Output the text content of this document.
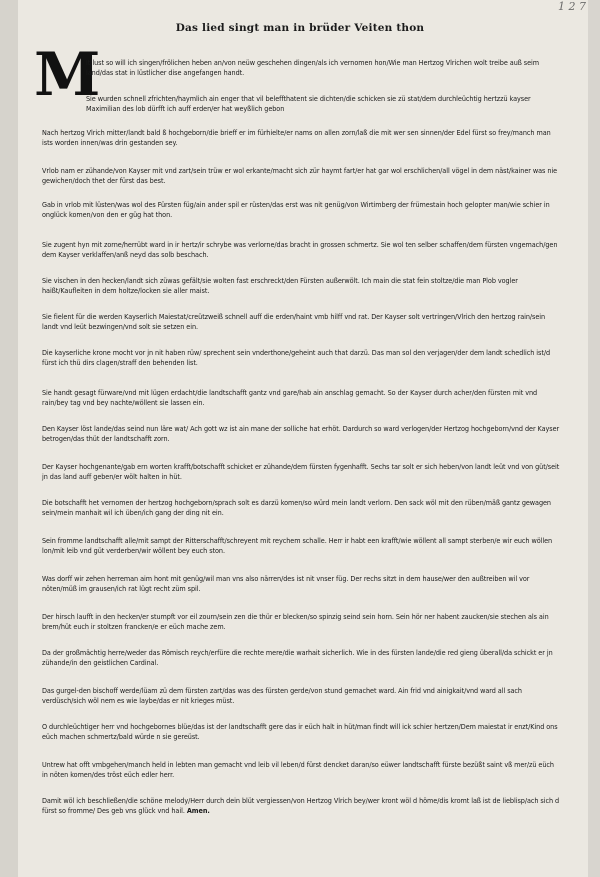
1 2 7
Das lied singt man in brüder Veiten thon
M
It lust so will ich singen/frölichen heben an/von neüw geschehen dingen/als ich vernomen hon/Wie man Hertzog Vlrichen wolt treibe auß seim land/das stat in lüstlicher dise angefangen handt.
Sie wurden schnell zfrichten/haymlich ain enger that vil beleffthatent sie dichten/die schicken sie zü stat/dem durchleüchtig hertzzü kayser Maximilian des lob dürfft ich auff erden/er hat weyßlich gebon
Nach hertzog Vlrich mitter/landt bald ß hochgeborn/die brieff er im fürhielte/er nams on allen zorn/laß die mit wer sen sinnen/der Edel fürst so frey/manch man ists worden innen/was drin gestanden sey.
Vrlob nam er zühande/von Kayser mit vnd zart/sein trüw er wol erkante/macht sich zür haymt fart/er hat gar wol erschlichen/all vögel in dem näst/kainer was nie gewichen/doch thet der fürst das best.
Gab in vrlob mit lüsten/was wol des Fürsten füg/ain ander spil er rüsten/das erst was nit genüg/von Wirtimberg der frümestain hoch gelopter man/wie schier in onglück komen/von den er güg hat thon.
Sie zugent hyn mit zorne/herrübt ward in ir hertz/ir schrybe was verlorne/das bracht in grossen schmertz. Sie wol ten selber schaffen/dem fürsten vngemach/gen dem Kayser verklaffen/anß neyd das solb beschach.
Sie vischen in den hecken/landt sich züwas gefält/sie wolten fast erschreckt/den Fürsten außerwölt. Ich main die stat fein stoltze/die man Plob vogler haißt/Kaufleiten in dem holtze/locken sie aller maist.
Sie fielent für die werden Kayserlich Maiestat/creützweiß schnell auff die erden/haint vmb hilff vnd rat. Der Kayser solt vertringen/Vlrich den hertzog rain/sein landt vnd leüt bezwingen/vnd solt sie setzen ein.
Die kayserliche krone mocht vor jn nit haben rüw/ sprechent sein vnderthone/geheint auch that darzü. Das man sol den verjagen/der dem landt schedlich ist/d fürst ich thü dirs clagen/straff den behenden list.
Sie handt gesagt fürware/vnd mit lügen erdacht/die landtschafft gantz vnd gare/hab ain anschlag gemacht. So der Kayser durch acher/den fürsten mit vnd rain/bey tag vnd bey nachte/wöllent sie lassen ein.
Den Kayser löst lande/das seind nun läre wat/ Ach gott wz ist ain mane der solliche hat erhöt. Dardurch so ward verlogen/der Hertzog hochgeborn/vnd der Kayser betrogen/das thüt der landtschafft zorn.
Der Kayser hochgenante/gab ern worten krafft/botschafft schicket er zühande/dem fürsten fygenhafft. Sechs tar solt er sich heben/von landt leüt vnd von güt/seit jn das land auff geben/er wölt halten in hüt.
Die botschafft het vernomen der hertzog hochgeborn/sprach solt es darzü komen/so würd mein landt verlorn. Den sack wöl mit den rüben/mäß gantz gewagen sein/mein manhait wil ich üben/ich gang der ding nit ein.
Sein fromme landtschafft alle/mit sampt der Ritterschafft/schreyent mit reychem schalle. Herr ir habt een krafft/wie wöllent all sampt sterben/e wir euch wöllen lon/mit leib vnd güt verderben/wir wöllent bey euch ston.
Was dorff wir zehen herreman aim hont mit genüg/wil man vns also närren/des ist nit vnser füg. Der rechs sitzt in dem hause/wer den außtreiben wil vor nöten/müß im grausen/ich rat lügt recht züm spil.
Der hirsch laufft in den hecken/er stumpft vor eil zourn/sein zen die thür er blecken/so spinzig seind sein horn. Sein hör ner habent zaucken/sie stechen als ain brem/hüt euch ir stoltzen francken/e er eüch mache zem.
Da der großmächtig herre/weder das Römisch reych/erfüre die rechte mere/die warhait sicherlich. Wie in des fürsten lande/die red gieng überall/da schickt er jn zühande/in den geistlichen Cardinal.
Das gurgel-den bischoff werde/lüam zü dem fürsten zart/das was des fürsten gerde/von stund gemachet ward. Ain frid vnd ainigkait/vnd ward all sach verdüsch/sich wöl nem es wie laybe/das er nit krieges müst.
O durchleüchtiger herr vnd hochgebornes blüe/das ist der landtschafft gere das ir eüch halt in hüt/man findt will ick schier hertzen/Dem maiestat ir enzt/Kind ons eüch machen schmertz/bald würde n sie gereüst.
Untrew hat offt vmbgehen/manch held in lebten man gemacht vnd leib vil leben/d fürst dencket daran/so eüwer landtschafft fürste bezüßt saint vß mer/zü eüch in nöten komen/des tröst eüch edler herr.
Damit wöl ich beschließen/die schöne melody/Herr durch dein blüt vergiessen/von Hertzog Vlrich bey/wer kront wöl d höme/dis kromt laß ist de lieblisp/ach sich d fürst so fromme/ Des geb vns glück vnd hail. Amen.
